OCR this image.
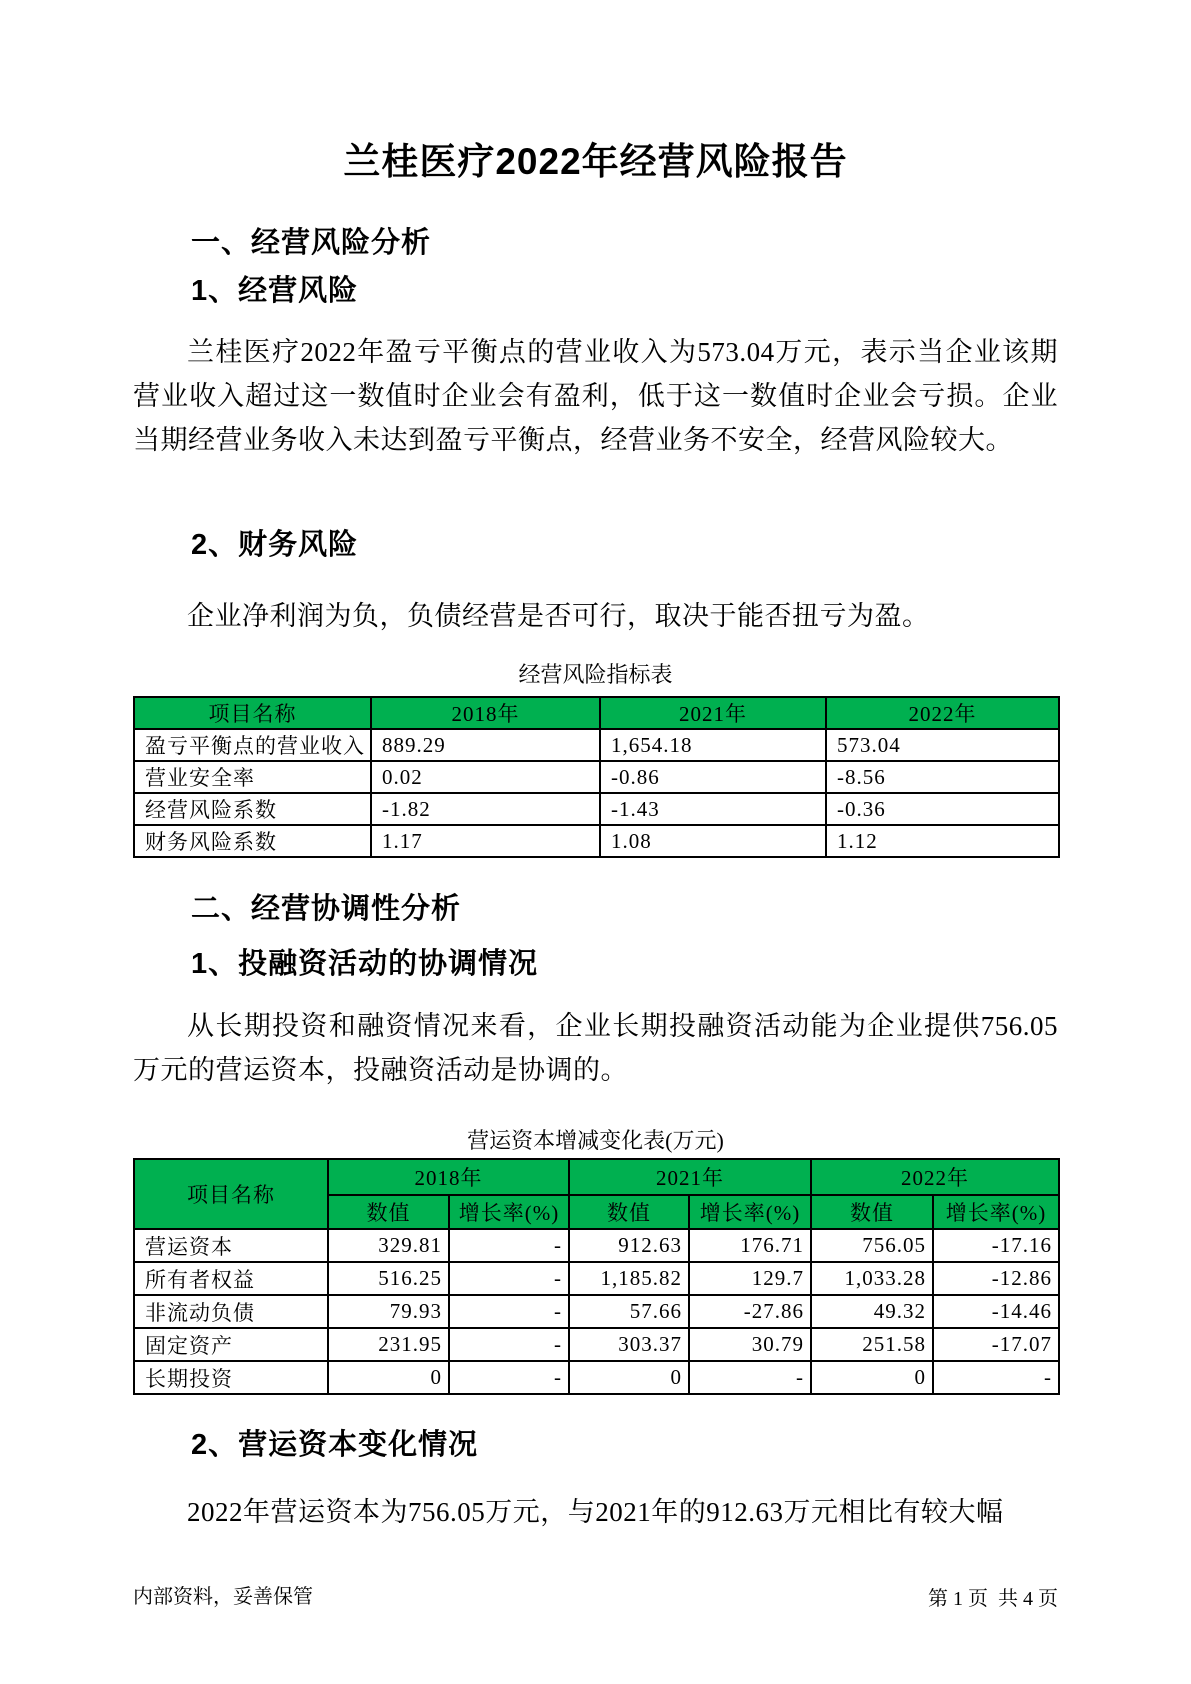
兰桂医疗2022年经营风险报告
一、经营风险分析
1、经营风险
兰桂医疗2022年盈亏平衡点的营业收入为573.04万元，表示当企业该期营业收入超过这一数值时企业会有盈利，低于这一数值时企业会亏损。企业当期经营业务收入未达到盈亏平衡点，经营业务不安全，经营风险较大。
2、财务风险
企业净利润为负，负债经营是否可行，取决于能否扭亏为盈。
经营风险指标表
项目名称	2018年	2021年	2022年
盈亏平衡点的营业收入	889.29	1,654.18	573.04
营业安全率	0.02	-0.86	-8.56
经营风险系数	-1.82	-1.43	-0.36
财务风险系数	1.17	1.08	1.12
二、经营协调性分析
1、投融资活动的协调情况
从长期投资和融资情况来看，企业长期投融资活动能为企业提供756.05万元的营运资本，投融资活动是协调的。
营运资本增减变化表(万元)
项目名称	2018年		2021年		2022年	
	数值	增长率(%)	数值	增长率(%)	数值	增长率(%)
营运资本	329.81	-	912.63	176.71	756.05	-17.16
所有者权益	516.25	-	1,185.82	129.7	1,033.28	-12.86
非流动负债	79.93	-	57.66	-27.86	49.32	-14.46
固定资产	231.95	-	303.37	30.79	251.58	-17.07
长期投资	0	-	0	-	0	-
2、营运资本变化情况
2022年营运资本为756.05万元，与2021年的912.63万元相比有较大幅
内部资料，妥善保管	第 1 页  共 4 页
